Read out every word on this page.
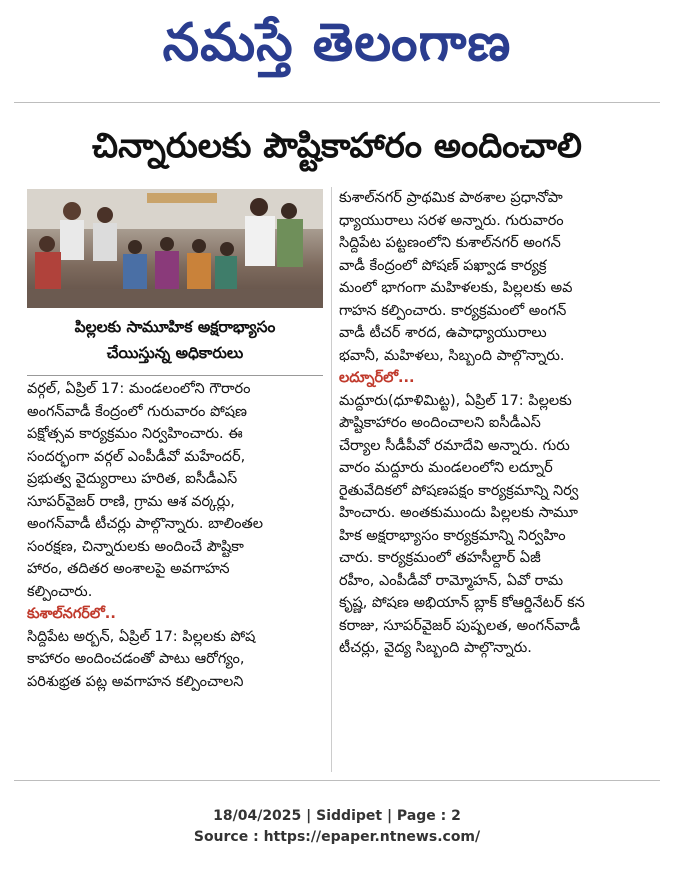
నమస్తే తెలంగాణ
చిన్నారులకు పౌష్టికాహారం అందించాలి
పిల్లలకు సామూహిక అక్షరాభ్యాసం
చేయిస్తున్న అధికారులు
వర్గల్, ఏప్రిల్ 17: మండలంలోని గౌరారం
అంగన్‌వాడీ కేంద్రంలో గురువారం పోషణ
పక్షోత్సవ కార్యక్రమం నిర్వహించారు. ఈ
సందర్భంగా వర్గల్ ఎంపీడీవో మహేందర్,
ప్రభుత్వ వైద్యురాలు హరిత, ఐసీడీఎస్
సూపర్‌వైజర్ రాణి, గ్రామ ఆశ వర్కర్లు,
అంగన్‌వాడీ టీచర్లు పాల్గొన్నారు. బాలింతల
సంరక్షణ, చిన్నారులకు అందించే పౌష్టికా
హారం, తదితర అంశాలపై అవగాహన
కల్పించారు.
కుశాల్‌నగర్‌లో..
సిద్దిపేట అర్బన్, ఏప్రిల్ 17: పిల్లలకు పోష
కాహారం అందించడంతో పాటు ఆరోగ్యం,
పరిశుభ్రత పట్ల అవగాహన కల్పించాలని
కుశాల్‌నగర్ ప్రాథమిక పాఠశాల ప్రధానోపా
ధ్యాయురాలు సరళ అన్నారు. గురువారం
సిద్దిపేట పట్టణంలోని కుశాల్‌నగర్ అంగన్
వాడీ కేంద్రంలో పోషణ్ పఖ్వాడ కార్యక్ర
మంలో భాగంగా మహిళలకు, పిల్లలకు అవ
గాహన కల్పించారు. కార్యక్రమంలో అంగన్
వాడీ టీచర్ శారద, ఉపాధ్యాయురాలు
భవానీ, మహిళలు, సిబ్బంది పాల్గొన్నారు.
లద్నూర్‌లో...
మద్దూరు(ధూళిమిట్ట), ఏప్రిల్ 17: పిల్లలకు
పౌష్టికాహారం అందించాలని ఐసీడీఎస్
చేర్యాల సీడీపీవో రమాదేవి అన్నారు. గురు
వారం మద్దూరు మండలంలోని లద్నూర్
రైతువేదికలో పోషణపక్షం కార్యక్రమాన్ని నిర్వ
హించారు. అంతకుముందు పిల్లలకు సామూ
హిక అక్షరాభ్యాసం కార్యక్రమాన్ని నిర్వహిం
చారు. కార్యక్రమంలో తహసీల్దార్ ఏజీ
రహీం, ఎంపీడీవో రామ్మోహన్, ఏవో రామ
కృష్ణ, పోషణ అభియాన్ బ్లాక్ కోఆర్డినేటర్ కన
కరాజు, సూపర్‌వైజర్ పుష్పలత, అంగన్‌వాడీ
టీచర్లు, వైద్య సిబ్బంది పాల్గొన్నారు.
18/04/2025 | Siddipet | Page : 2
Source : https://epaper.ntnews.com/
